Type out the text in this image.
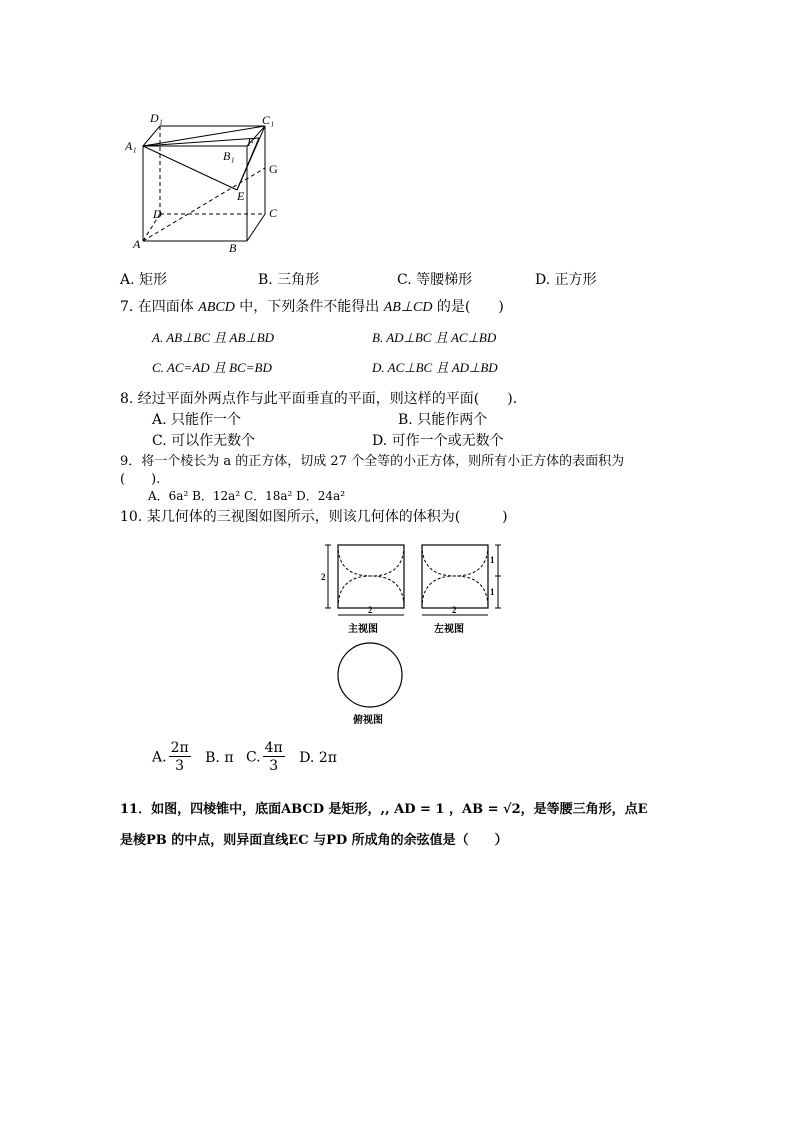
D₁	C₁
A₁
B₁
F
G
E
D	C
A	B
A. 矩形	B. 三角形	C. 等腰梯形	D. 正方形
7. 在四面体 ABCD 中，下列条件不能得出 AB⊥CD 的是(　　)
A. AB⊥BC 且 AB⊥BD	B. AD⊥BC 且 AC⊥BD
C. AC=AD 且 BC=BD	D. AC⊥BC 且 AD⊥BD
8. 经过平面外两点作与此平面垂直的平面，则这样的平面(　　).
A. 只能作一个	B. 只能作两个
C. 可以作无数个	D. 可作一个或无数个
9．将一个棱长为 a 的正方体，切成 27 个全等的小正方体，则所有小正方体的表面积为
(　　).
A．6a² B．12a² C．18a² D．24a²
10. 某几何体的三视图如图所示，则该几何体的体积为(　　　)
2
2
主视图
1
1
2
左视图
俯视图
A. $\frac{2\pi}{3} B$. π C. $\frac{4\pi}{3} D$. 2π
11．如图，四棱锥中，底面ABCD 是矩形，,, AD = 1 ，AB = √2，是等腰三角形，点E
是棱PB 的中点，则异面直线EC 与PD 所成角的余弦值是（　　）
